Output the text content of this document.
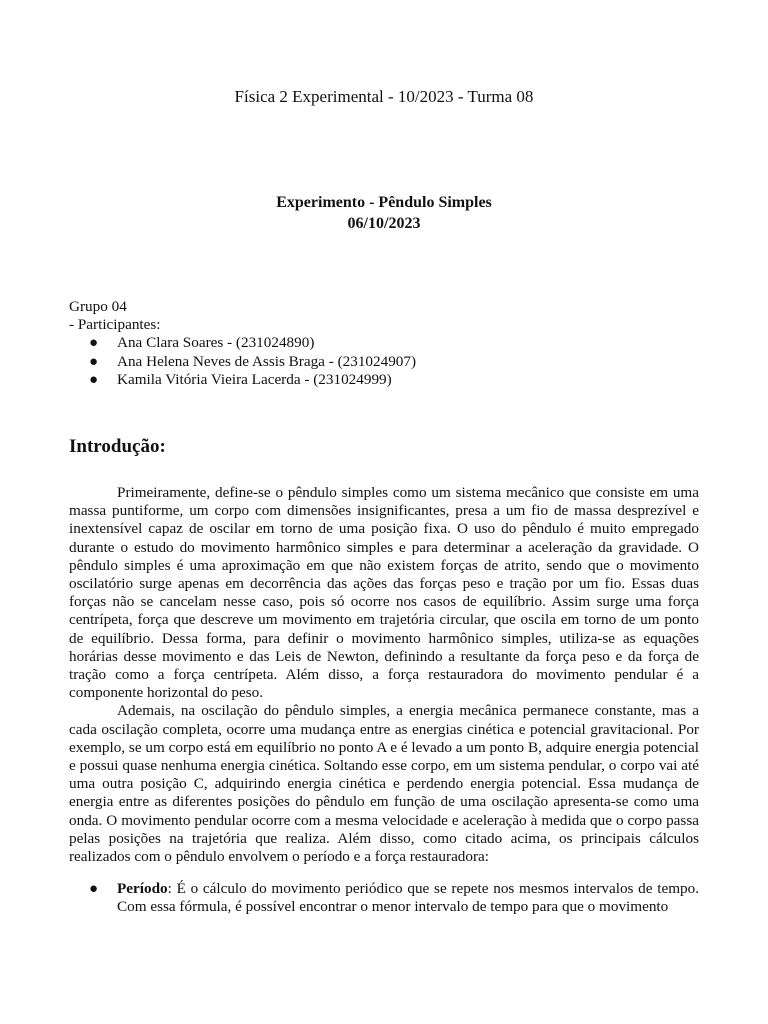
Física 2 Experimental - 10/2023 - Turma 08
Experimento - Pêndulo Simples
06/10/2023
Grupo 04
- Participantes:
● Ana Clara Soares - (231024890)
● Ana Helena Neves de Assis Braga - (231024907)
● Kamila Vitória Vieira Lacerda - (231024999)
Introdução:

Primeiramente, define-se o pêndulo simples como um sistema mecânico que consiste em uma massa puntiforme, um corpo com dimensões insignificantes, presa a um fio de massa desprezível e inextensível capaz de oscilar em torno de uma posição fixa. O uso do pêndulo é muito empregado durante o estudo do movimento harmônico simples e para determinar a aceleração da gravidade. O pêndulo simples é uma aproximação em que não existem forças de atrito, sendo que o movimento oscilatório surge apenas em decorrência das ações das forças peso e tração por um fio. Essas duas forças não se cancelam nesse caso, pois só ocorre nos casos de equilíbrio. Assim surge uma força centrípeta, força que descreve um movimento em trajetória circular, que oscila em torno de um ponto de equilíbrio. Dessa forma, para definir o movimento harmônico simples, utiliza-se as equações horárias desse movimento e das Leis de Newton, definindo a resultante da força peso e da força de tração como a força centrípeta. Além disso, a força restauradora do movimento pendular é a componente horizontal do peso.

Ademais, na oscilação do pêndulo simples, a energia mecânica permanece constante, mas a cada oscilação completa, ocorre uma mudança entre as energias cinética e potencial gravitacional. Por exemplo, se um corpo está em equilíbrio no ponto A e é levado a um ponto B, adquire energia potencial e possui quase nenhuma energia cinética. Soltando esse corpo, em um sistema pendular, o corpo vai até uma outra posição C, adquirindo energia cinética e perdendo energia potencial. Essa mudança de energia entre as diferentes posições do pêndulo em função de uma oscilação apresenta-se como uma onda. O movimento pendular ocorre com a mesma velocidade e aceleração à medida que o corpo passa pelas posições na trajetória que realiza. Além disso, como citado acima, os principais cálculos realizados com o pêndulo envolvem o período e a força restauradora:

● Período: É o cálculo do movimento periódico que se repete nos mesmos intervalos de tempo. Com essa fórmula, é possível encontrar o menor intervalo de tempo para que o movimento
